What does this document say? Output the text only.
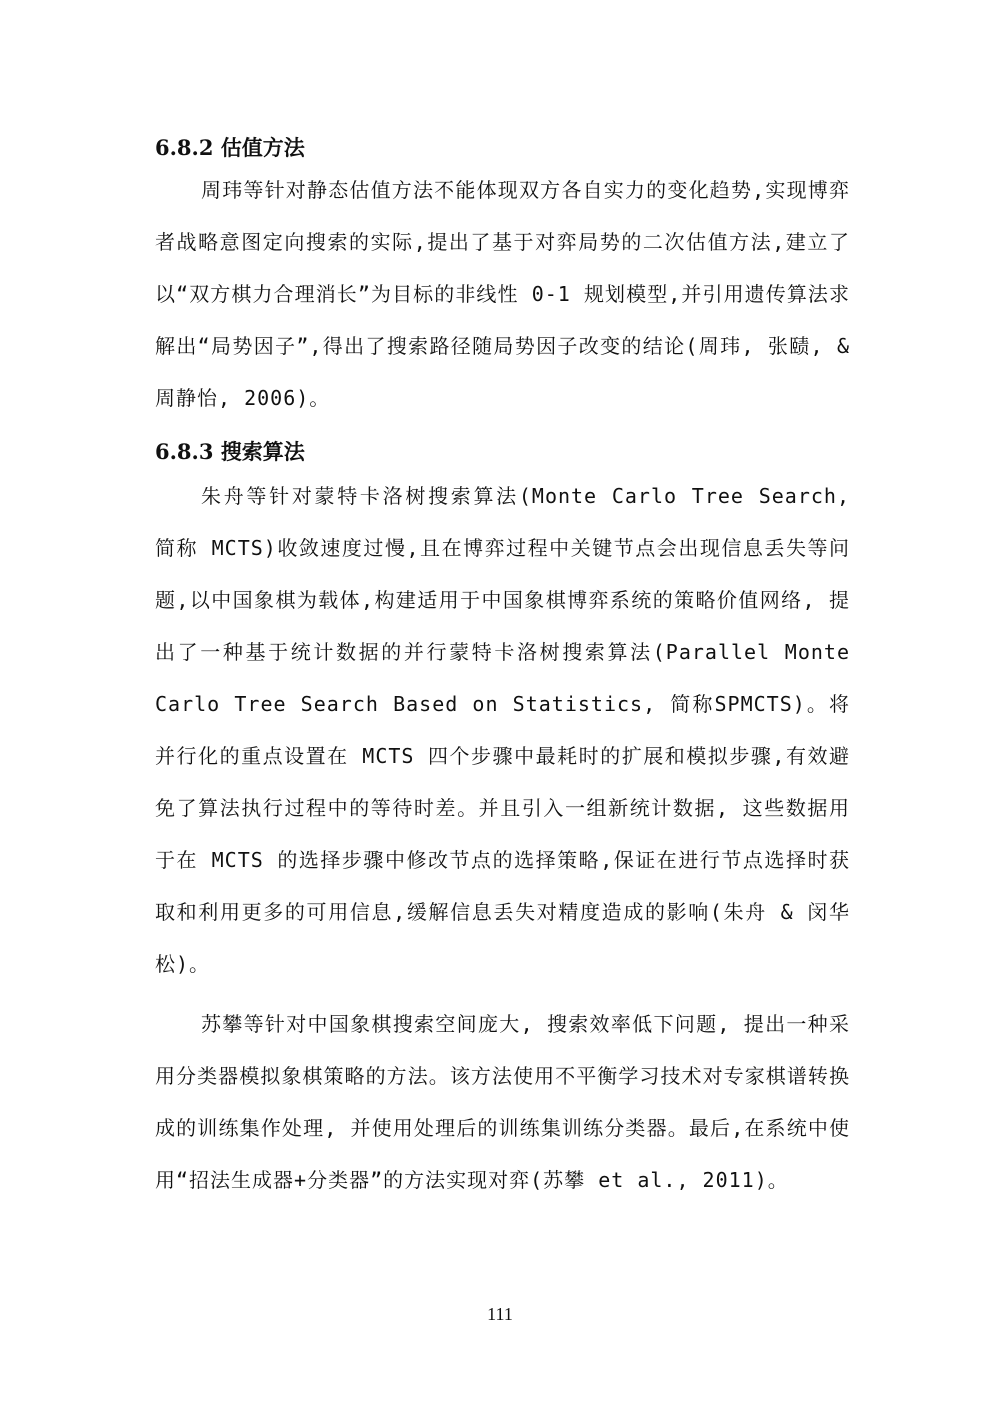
6.8.2 估值方法

周玮等针对静态估值方法不能体现双方各自实力的变化趋势,实现博弈者战略意图定向搜索的实际,提出了基于对弈局势的二次估值方法,建立了以“双方棋力合理消长”为目标的非线性 0-1 规划模型,并引用遗传算法求解出“局势因子”,得出了搜索路径随局势因子改变的结论(周玮, 张赜, & 周静怡, 2006)。

6.8.3 搜索算法

朱舟等针对蒙特卡洛树搜索算法(Monte Carlo Tree Search, 简称 MCTS)收敛速度过慢,且在博弈过程中关键节点会出现信息丢失等问题,以中国象棋为载体,构建适用于中国象棋博弈系统的策略价值网络, 提出了一种基于统计数据的并行蒙特卡洛树搜索算法(Parallel Monte Carlo Tree Search Based on Statistics, 简称SPMCTS)。将并行化的重点设置在 MCTS 四个步骤中最耗时的扩展和模拟步骤,有效避免了算法执行过程中的等待时差。并且引入一组新统计数据, 这些数据用于在 MCTS 的选择步骤中修改节点的选择策略,保证在进行节点选择时获取和利用更多的可用信息,缓解信息丢失对精度造成的影响(朱舟 & 闵华松)。

苏攀等针对中国象棋搜索空间庞大, 搜索效率低下问题, 提出一种采用分类器模拟象棋策略的方法。该方法使用不平衡学习技术对专家棋谱转换成的训练集作处理, 并使用处理后的训练集训练分类器。最后,在系统中使用“招法生成器+分类器”的方法实现对弈(苏攀 et al., 2011)。

111
